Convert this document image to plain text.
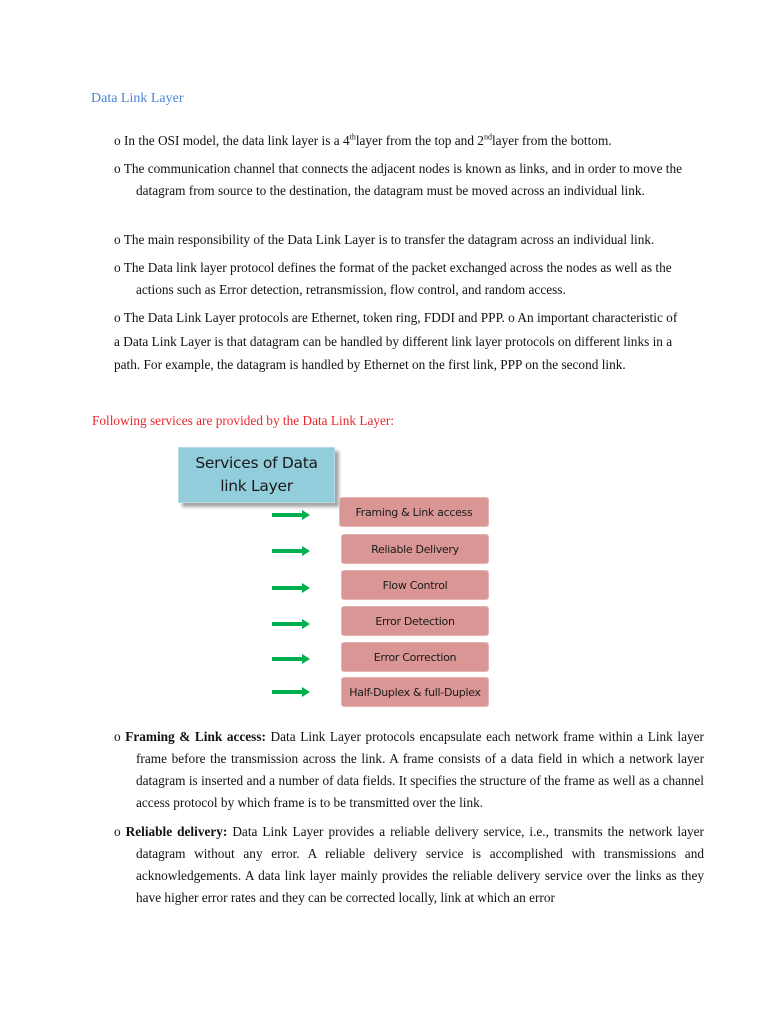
Data Link Layer

o In the OSI model, the data link layer is a 4thlayer from the top and 2ndlayer from the bottom.

o The communication channel that connects the adjacent nodes is known as links, and in order to move the datagram from source to the destination, the datagram must be moved across an individual link.

o The main responsibility of the Data Link Layer is to transfer the datagram across an individual link.

o The Data link layer protocol defines the format of the packet exchanged across the nodes as well as the actions such as Error detection, retransmission, flow control, and random access.

o The Data Link Layer protocols are Ethernet, token ring, FDDI and PPP. o An important characteristic of a Data Link Layer is that datagram can be handled by different link layer protocols on different links in a path. For example, the datagram is handled by Ethernet on the first link, PPP on the second link.

Following services are provided by the Data Link Layer:

Services of Data
link Layer
Framing & Link access
Reliable Delivery
Flow Control
Error Detection
Error Correction
Half-Duplex & full-Duplex

o Framing & Link access: Data Link Layer protocols encapsulate each network frame within a Link layer frame before the transmission across the link. A frame consists of a data field in which a network layer datagram is inserted and a number of data fields. It specifies the structure of the frame as well as a channel access protocol by which frame is to be transmitted over the link.

o Reliable delivery: Data Link Layer provides a reliable delivery service, i.e., transmits the network layer datagram without any error. A reliable delivery service is accomplished with transmissions and acknowledgements. A data link layer mainly provides the reliable delivery service over the links as they have higher error rates and they can be corrected locally, link at which an error
